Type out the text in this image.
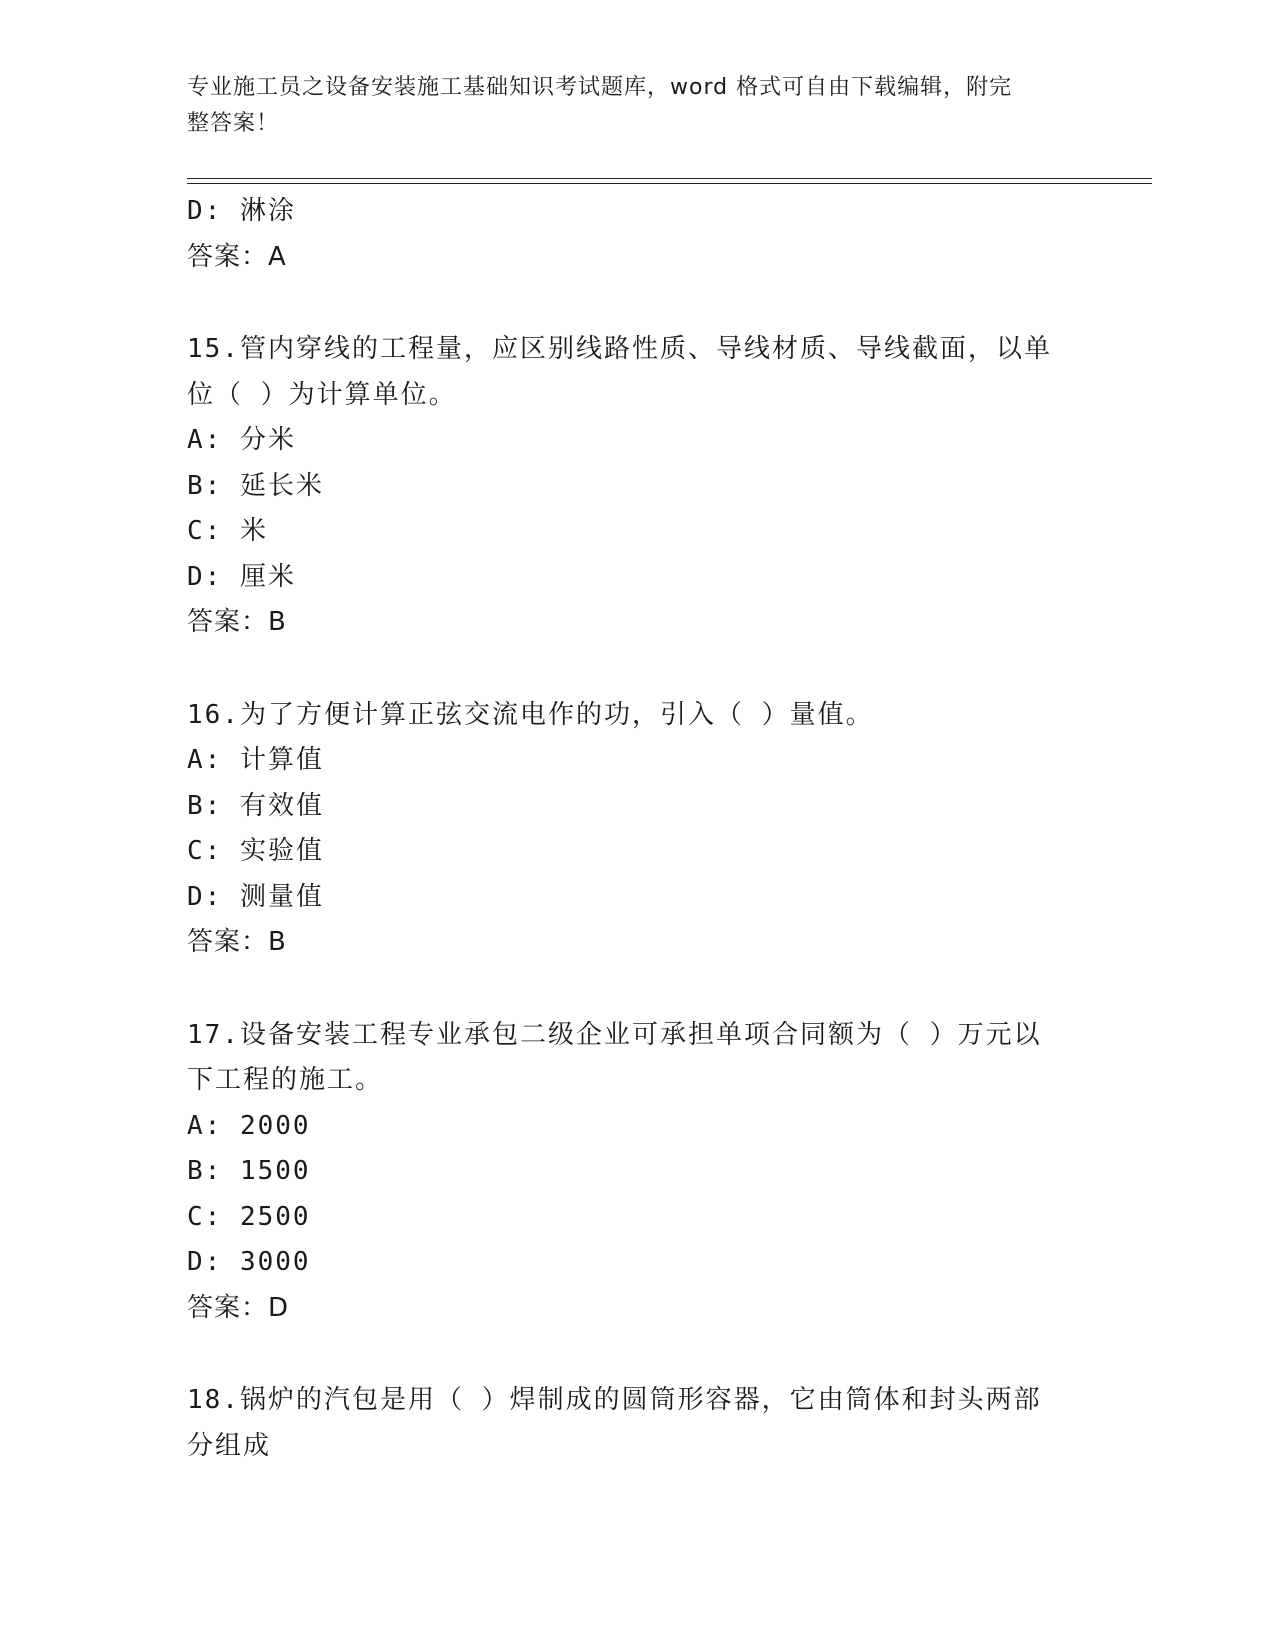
专业施工员之设备安装施工基础知识考试题库，word 格式可自由下载编辑，附完
整答案！
D: 淋涂
答案：A
15.管内穿线的工程量，应区别线路性质、导线材质、导线截面，以单
位（ ）为计算单位。
A: 分米
B: 延长米
C: 米
D: 厘米
答案：B
16.为了方便计算正弦交流电作的功，引入（ ）量值。
A: 计算值
B: 有效值
C: 实验值
D: 测量值
答案：B
17.设备安装工程专业承包二级企业可承担单项合同额为（ ）万元以
下工程的施工。
A: 2000
B: 1500
C: 2500
D: 3000
答案：D
18.锅炉的汽包是用（ ）焊制成的圆筒形容器，它由筒体和封头两部
分组成
